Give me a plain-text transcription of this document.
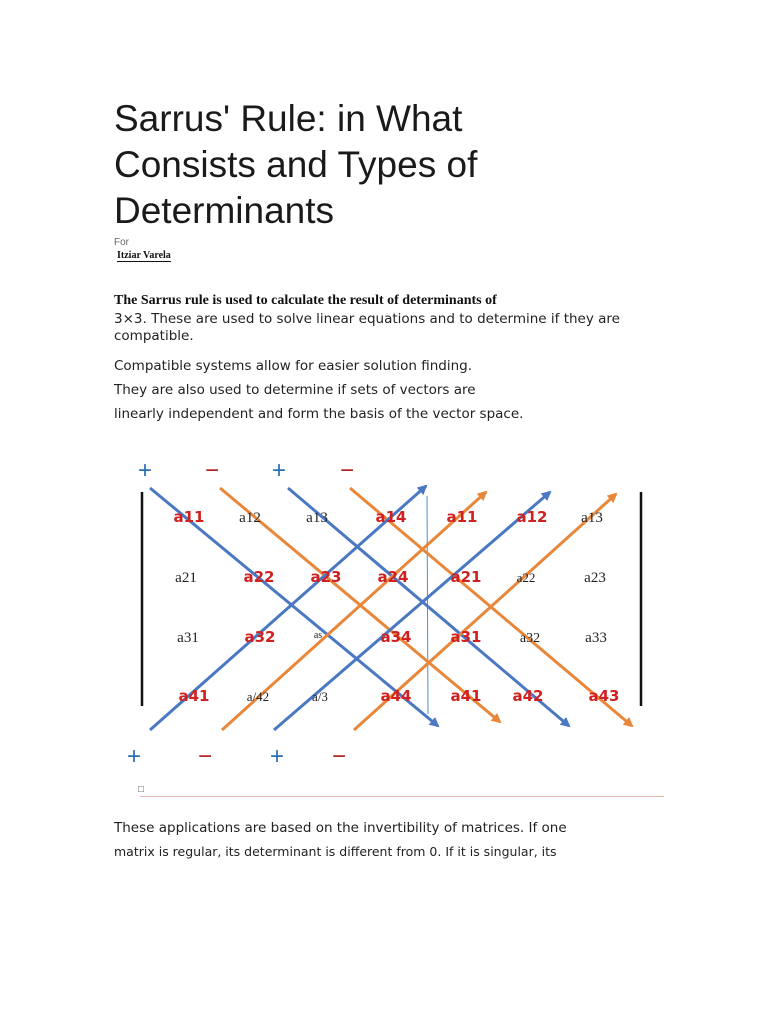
Sarrus' Rule: in What
Consists and Types of
Determinants
For
Itziar Varela
The Sarrus rule is used to calculate the result of determinants of
3×3. These are used to solve linear equations and to determine if they are compatible.
Compatible systems allow for easier solution finding.
They are also used to determine if sets of vectors are
linearly independent and form the basis of the vector space.
+ − + −
+ − + −
a11 a12	a13	a14	a11	a12 a13
a21	a22 a23 a24	a21	a22	a23
a31	a32	as	a34	a31	a32	a33
a41	a/42	a/3	a44	a41 a42	a43
□
These applications are based on the invertibility of matrices. If one
matrix is regular, its determinant is different from 0. If it is singular, its
